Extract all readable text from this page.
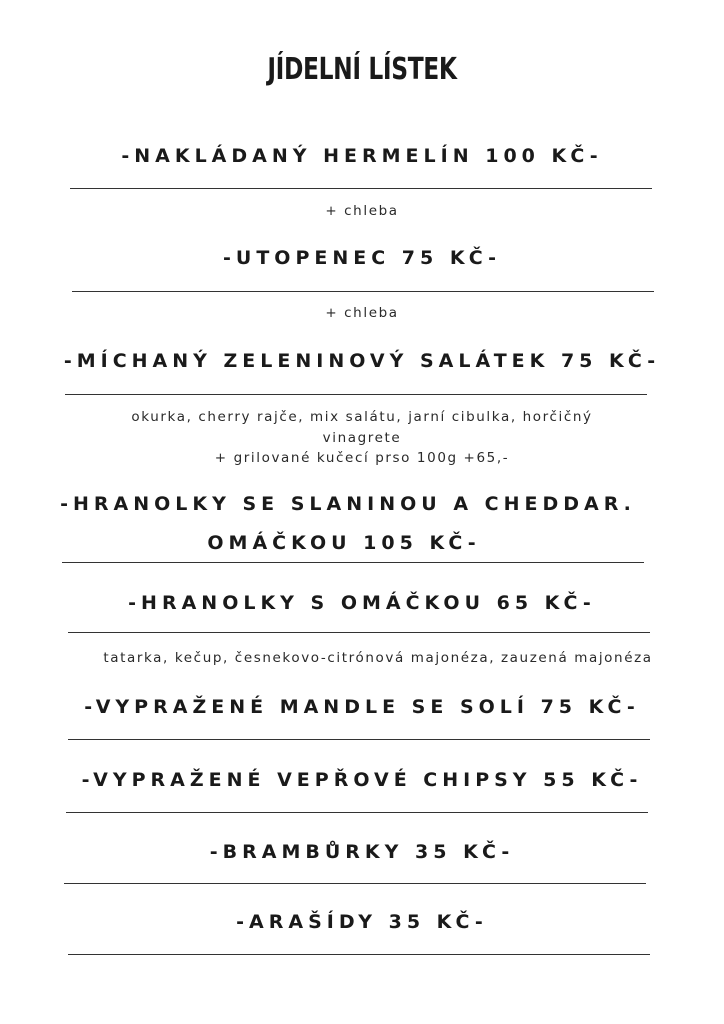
JÍDELNÍ LÍSTEK
-NAKLÁDANÝ HERMELÍN 100 KČ-
+ chleba
-UTOPENEC 75 KČ-
+ chleba
-MÍCHANÝ ZELENINOVÝ SALÁTEK 75 KČ-
okurka, cherry rajče, mix salátu, jarní cibulka, horčičný
vinagrete
+ grilované kučecí prso 100g +65,-
-HRANOLKY SE SLANINOU A CHEDDAR.
OMÁČKOU 105 KČ-
-HRANOLKY S OMÁČKOU 65 KČ-
tatarka, kečup, česnekovo-citrónová majonéza, zauzená majonéza
-VYPRAŽENÉ MANDLE SE SOLÍ 75 KČ-
-VYPRAŽENÉ VEPŘOVÉ CHIPSY 55 KČ-
-BRAMBŮRKY 35 KČ-
-ARAŠÍDY 35 KČ-
